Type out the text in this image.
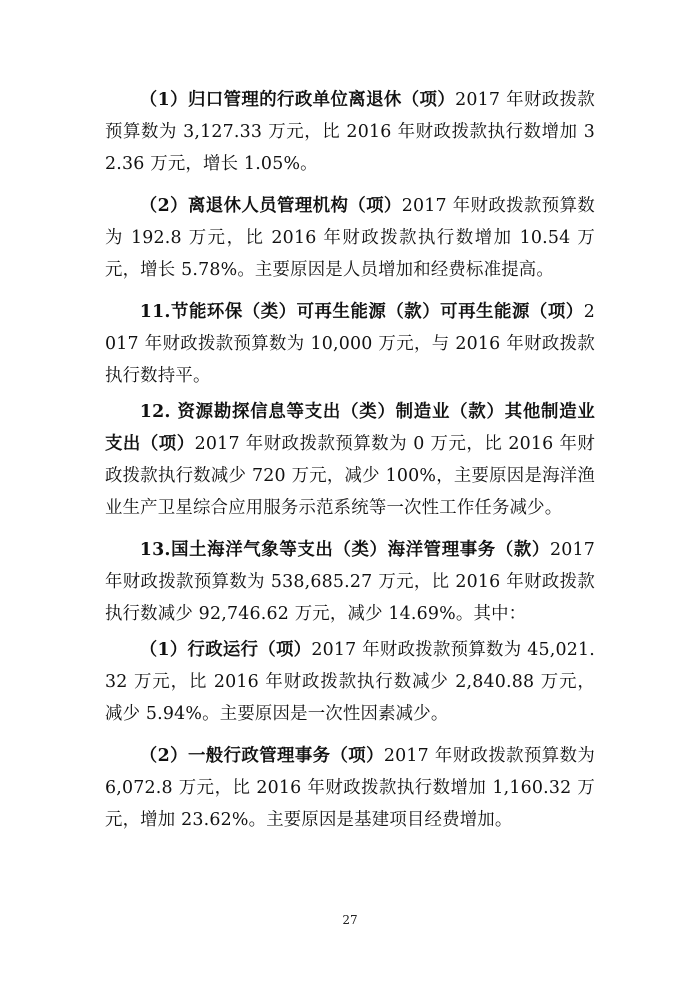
（1）归口管理的行政单位离退休（项）2017 年财政拨款预算数为 3,127.33 万元，比 2016 年财政拨款执行数增加 32.36 万元，增长 1.05%。

（2）离退休人员管理机构（项）2017 年财政拨款预算数为 192.8 万元，比 2016 年财政拨款执行数增加 10.54 万元，增长 5.78%。主要原因是人员增加和经费标准提高。

11.节能环保（类）可再生能源（款）可再生能源（项）2017 年财政拨款预算数为 10,000 万元，与 2016 年财政拨款执行数持平。

12. 资源勘探信息等支出（类）制造业（款）其他制造业支出（项）2017 年财政拨款预算数为 0 万元，比 2016 年财政拨款执行数减少 720 万元，减少 100%，主要原因是海洋渔业生产卫星综合应用服务示范系统等一次性工作任务减少。

13.国土海洋气象等支出（类）海洋管理事务（款）2017 年财政拨款预算数为 538,685.27 万元，比 2016 年财政拨款执行数减少 92,746.62 万元，减少 14.69%。其中：

（1）行政运行（项）2017 年财政拨款预算数为 45,021.32 万元，比 2016 年财政拨款执行数减少 2,840.88 万元，减少 5.94%。主要原因是一次性因素减少。

（2）一般行政管理事务（项）2017 年财政拨款预算数为 6,072.8 万元，比 2016 年财政拨款执行数增加 1,160.32 万元，增加 23.62%。主要原因是基建项目经费增加。

27
